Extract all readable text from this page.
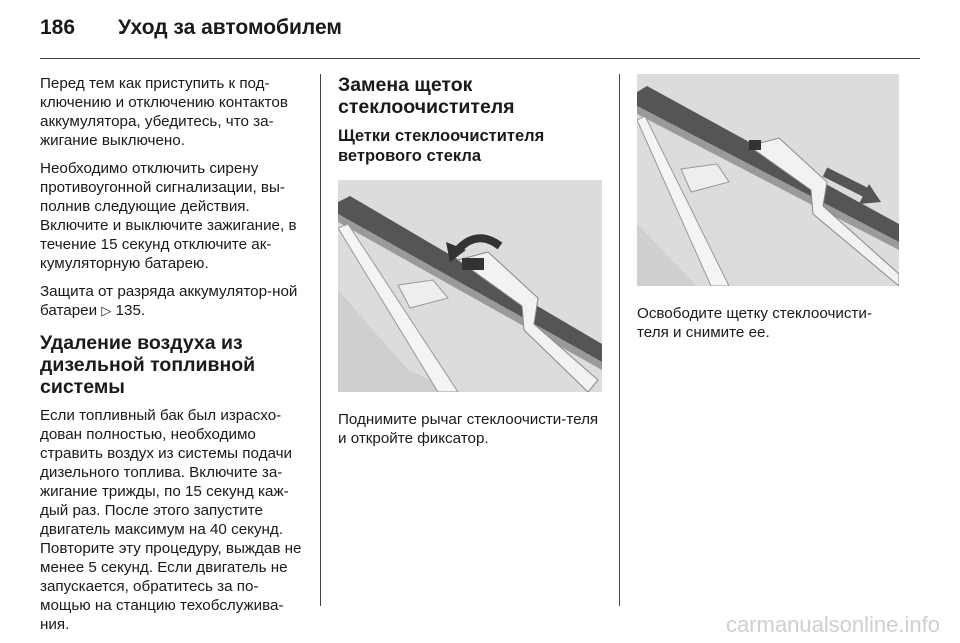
186	Уход за автомобилем

Перед тем как приступить к под-ключению и отключению контактов аккумулятора, убедитесь, что за-жигание выключено.

Необходимо отключить сирену противоугонной сигнализации, вы-полнив следующие действия. Включите и выключите зажигание, в течение 15 секунд отключите ак-кумуляторную батарею.

Защита от разряда аккумулятор-ной батареи ▷ 135.

Удаление воздуха из дизельной топливной системы

Если топливный бак был израсхо-дован полностью, необходимо стравить воздух из системы подачи дизельного топлива. Включите за-жигание трижды, по 15 секунд каж-дый раз. После этого запустите двигатель максимум на 40 секунд. Повторите эту процедуру, выждав не менее 5 секунд. Если двигатель не запускается, обратитесь за по-мощью на станцию техобслужива-ния.

Замена щеток стеклоочистителя
Щетки стеклоочистителя ветрового стекла

Поднимите рычаг стеклоочисти-теля и откройте фиксатор.

Освободите щетку стеклоочисти-теля и снимите ее.

carmanualsonline.info
